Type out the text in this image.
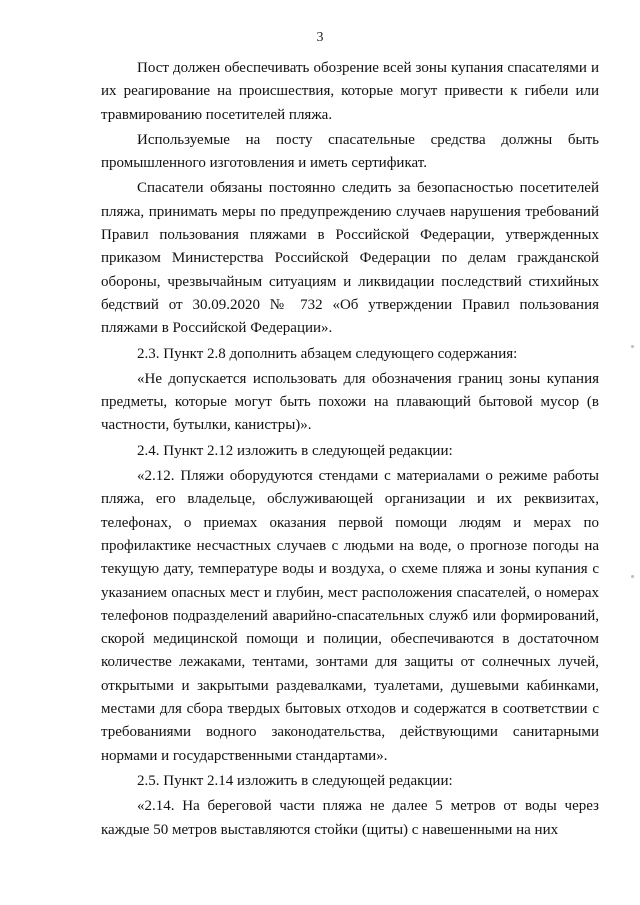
3

Пост должен обеспечивать обозрение всей зоны купания спасателями и их реагирование на происшествия, которые могут привести к гибели или травмированию посетителей пляжа.

Используемые на посту спасательные средства должны быть промышленного изготовления и иметь сертификат.

Спасатели обязаны постоянно следить за безопасностью посетителей пляжа, принимать меры по предупреждению случаев нарушения требований Правил пользования пляжами в Российской Федерации, утвержденных приказом Министерства Российской Федерации по делам гражданской обороны, чрезвычайным ситуациям и ликвидации последствий стихийных бедствий от 30.09.2020 № 732 «Об утверждении Правил пользования пляжами в Российской Федерации».

2.3. Пункт 2.8 дополнить абзацем следующего содержания:

«Не допускается использовать для обозначения границ зоны купания предметы, которые могут быть похожи на плавающий бытовой мусор (в частности, бутылки, канистры)».

2.4. Пункт 2.12 изложить в следующей редакции:

«2.12. Пляжи оборудуются стендами с материалами о режиме работы пляжа, его владельце, обслуживающей организации и их реквизитах, телефонах, о приемах оказания первой помощи людям и мерах по профилактике несчастных случаев с людьми на воде, о прогнозе погоды на текущую дату, температуре воды и воздуха, о схеме пляжа и зоны купания с указанием опасных мест и глубин, мест расположения спасателей, о номерах телефонов подразделений аварийно-спасательных служб или формирований, скорой медицинской помощи и полиции, обеспечиваются в достаточном количестве лежаками, тентами, зонтами для защиты от солнечных лучей, открытыми и закрытыми раздевалками, туалетами, душевыми кабинками, местами для сбора твердых бытовых отходов и содержатся в соответствии с требованиями водного законодательства, действующими санитарными нормами и государственными стандартами».

2.5. Пункт 2.14 изложить в следующей редакции:

«2.14. На береговой части пляжа не далее 5 метров от воды через каждые 50 метров выставляются стойки (щиты) с навешенными на них
